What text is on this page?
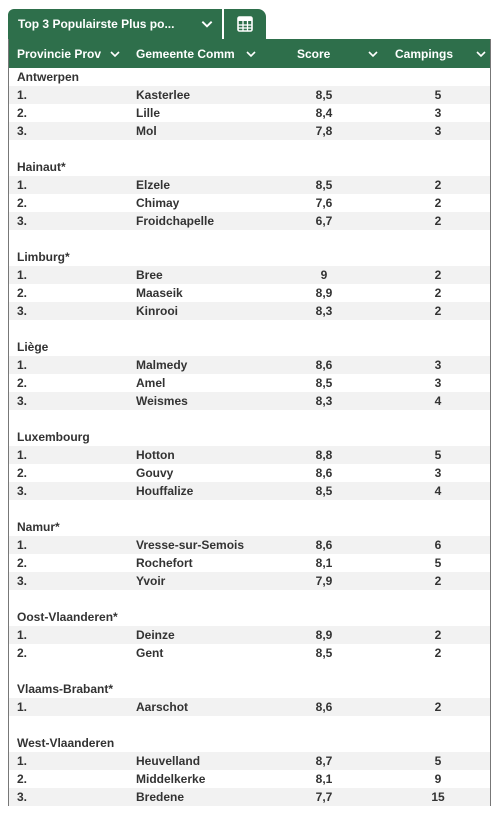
Top 3 Populairste Plus po...
Provincie Prov	Gemeente Comm	Score	Campings
Antwerpen
1.	Kasterlee	8,5	5
2.	Lille	8,4	3
3.	Mol	7,8	3
Hainaut*
1.	Elzele	8,5	2
2.	Chimay	7,6	2
3.	Froidchapelle	6,7	2
Limburg*
1.	Bree	9	2
2.	Maaseik	8,9	2
3.	Kinrooi	8,3	2
Liège
1.	Malmedy	8,6	3
2.	Amel	8,5	3
3.	Weismes	8,3	4
Luxembourg
1.	Hotton	8,8	5
2.	Gouvy	8,6	3
3.	Houffalize	8,5	4
Namur*
1.	Vresse-sur-Semois	8,6	6
2.	Rochefort	8,1	5
3.	Yvoir	7,9	2
Oost-Vlaanderen*
1.	Deinze	8,9	2
2.	Gent	8,5	2
Vlaams-Brabant*
1.	Aarschot	8,6	2
West-Vlaanderen
1.	Heuvelland	8,7	5
2.	Middelkerke	8,1	9
3.	Bredene	7,7	15
